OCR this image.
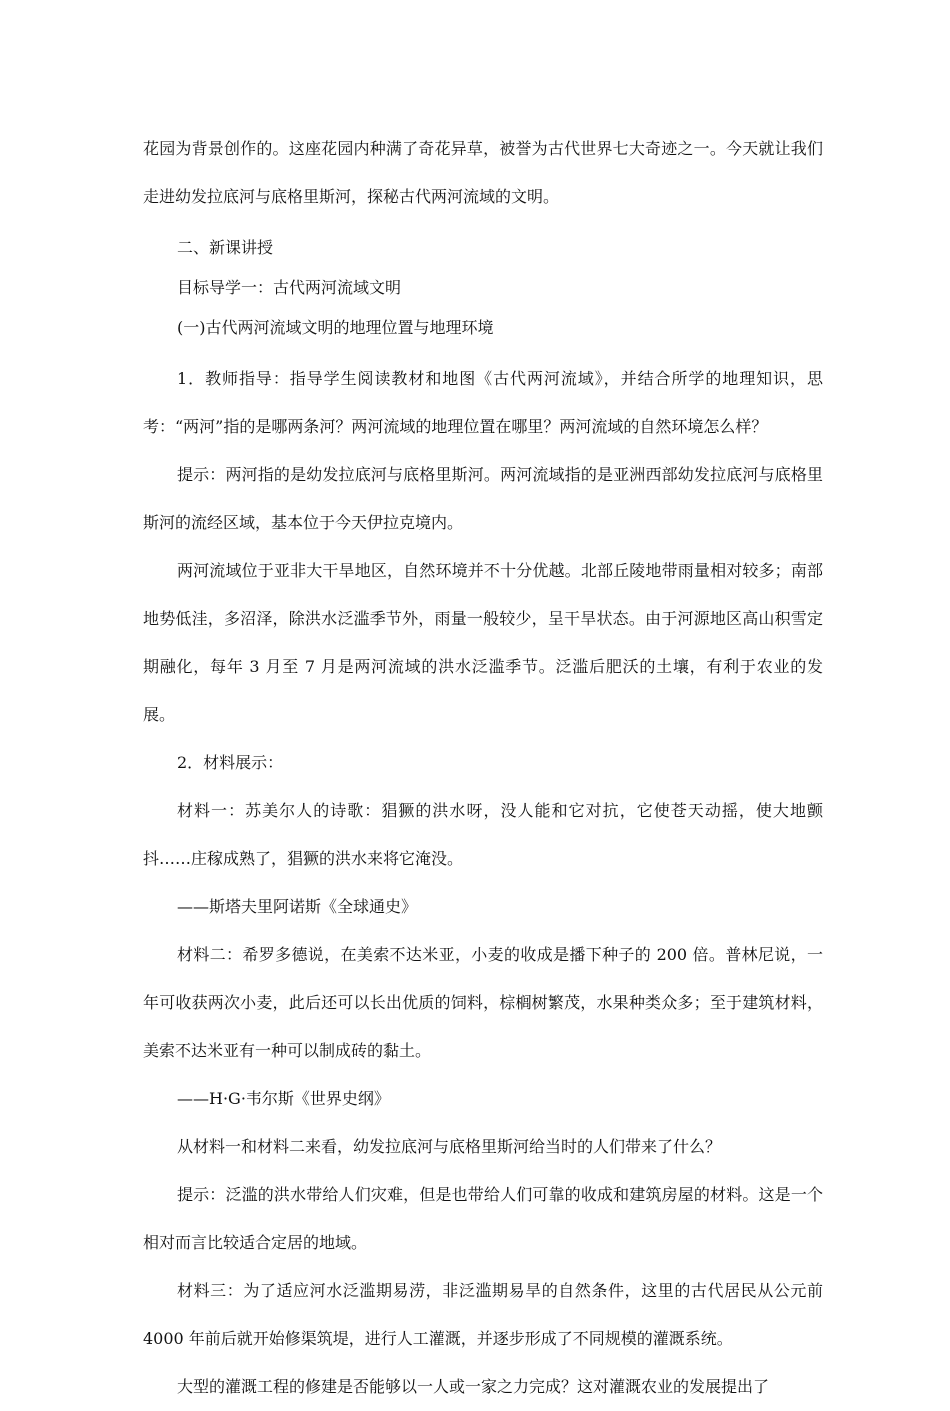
花园为背景创作的。这座花园内种满了奇花异草，被誉为古代世界七大奇迹之一。今天就让我们走进幼发拉底河与底格里斯河，探秘古代两河流域的文明。

二、新课讲授

目标导学一：古代两河流域文明

(一)古代两河流域文明的地理位置与地理环境

1．教师指导：指导学生阅读教材和地图《古代两河流域》，并结合所学的地理知识，思考：“两河”指的是哪两条河？两河流域的地理位置在哪里？两河流域的自然环境怎么样？

提示：两河指的是幼发拉底河与底格里斯河。两河流域指的是亚洲西部幼发拉底河与底格里斯河的流经区域，基本位于今天伊拉克境内。

两河流域位于亚非大干旱地区，自然环境并不十分优越。北部丘陵地带雨量相对较多；南部地势低洼，多沼泽，除洪水泛滥季节外，雨量一般较少，呈干旱状态。由于河源地区高山积雪定期融化，每年 3 月至 7 月是两河流域的洪水泛滥季节。泛滥后肥沃的土壤，有利于农业的发展。

2．材料展示：

材料一：苏美尔人的诗歌：猖獗的洪水呀，没人能和它对抗，它使苍天动摇，使大地颤抖……庄稼成熟了，猖獗的洪水来将它淹没。

——斯塔夫里阿诺斯《全球通史》

材料二：希罗多德说，在美索不达米亚，小麦的收成是播下种子的 200 倍。普林尼说，一年可收获两次小麦，此后还可以长出优质的饲料，棕榈树繁茂，水果种类众多；至于建筑材料，美索不达米亚有一种可以制成砖的黏土。

——H·G·韦尔斯《世界史纲》

从材料一和材料二来看，幼发拉底河与底格里斯河给当时的人们带来了什么？

提示：泛滥的洪水带给人们灾难，但是也带给人们可靠的收成和建筑房屋的材料。这是一个相对而言比较适合定居的地域。

材料三：为了适应河水泛滥期易涝，非泛滥期易旱的自然条件，这里的古代居民从公元前 4000 年前后就开始修渠筑堤，进行人工灌溉，并逐步形成了不同规模的灌溉系统。

大型的灌溉工程的修建是否能够以一人或一家之力完成？这对灌溉农业的发展提出了
